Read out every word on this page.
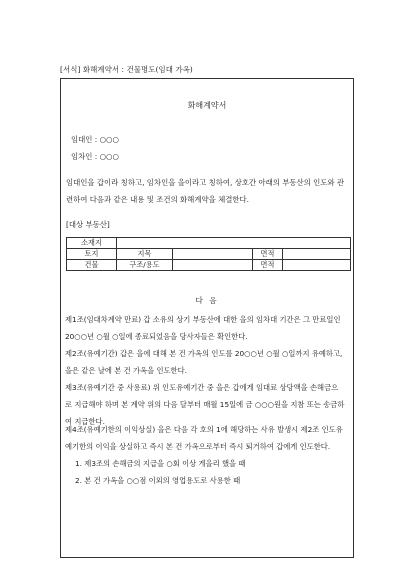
[서식] 화해계약서 : 건물명도(임대 가옥)
화해계약서
임대인 : ○○○
임차인 : ○○○
임대인을 갑이라 칭하고, 임차인을 을이라고 칭하여, 상호간 아래의 부동산의 인도와 관련하여 다음과 같은 내용 및 조건의 화해계약을 체결한다.
[대상 부동산]
소재지				
토지	지목		면적	
건물	구조/용도		면적	
다 음
제1조(임대차계약 만료) 갑 소유의 상기 부동산에 대한 을의 임차대 기간은 그 만료일인 20○○년 ○월 ○일에 종료되었음을 당사자들은 확인한다.
제2조(유예기간) 갑은 을에 대해 본 건 가옥의 인도를 20○○년 ○월 ○일까지 유예하고, 을은 같은 날에 본 건 가옥을 인도한다.
제3조(유예기간 중 사용료) 위 인도유예기간 중 을은 갑에게 임대료 상당액을 손해금으로 지급해야 하며 본 계약 위의 다음 달부터 매월 15일에 금 ○○○원을 지참 또는 송금하여 지급한다.
제4조(유예기한의 이익상실) 을은 다음 각 호의 1에 해당하는 사유 발생시 제2조 인도유예기한의 이익을 상실하고 즉시 본 건 가옥으로부터 즉시 퇴거하여 갑에게 인도한다.
1. 제3조의 손해금의 지급을 ○회 이상 게을리 했을 때
2. 본 건 가옥을 ○○점 이외의 영업용도로 사용한 때
